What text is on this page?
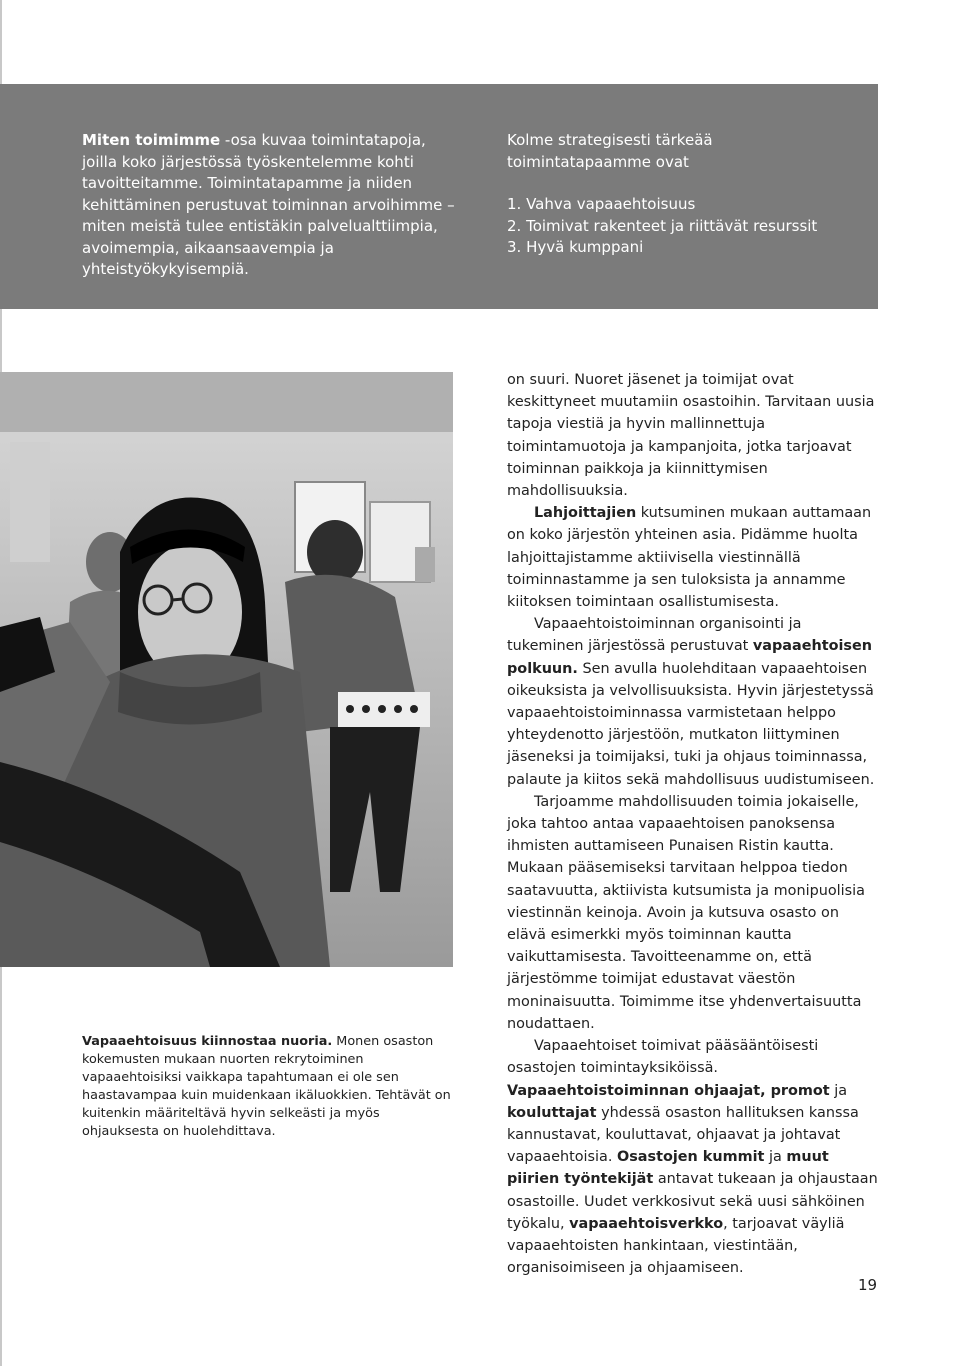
Miten toimimme -osa kuvaa toimintatapoja, joilla koko järjestössä työskentelemme kohti tavoitteitamme. Toimintatapamme ja niiden kehittäminen perustuvat toiminnan arvoihimme – miten meistä tulee entistäkin palvelualttiimpia, avoimempia, aikaansaavempia ja yhteistyökykyisempiä.
Kolme strategisesti tärkeää toimintatapaamme ovat
1. Vahva vapaaehtoisuus
2. Toimivat rakenteet ja riittävät resurssit
3. Hyvä kumppani
Vapaaehtoisuus kiinnostaa nuoria. Monen osaston kokemusten mukaan nuorten rekrytoiminen vapaaehtoisiksi vaikkapa tapahtumaan ei ole sen haastavampaa kuin muidenkaan ikäluokkien. Tehtävät on kuitenkin määriteltävä hyvin selkeästi ja myös ohjauksesta on huolehdittava.

on suuri. Nuoret jäsenet ja toimijat ovat keskittyneet muutamiin osastoihin. Tarvitaan uusia tapoja viestiä ja hyvin mallinnettuja toimintamuotoja ja kampanjoita, jotka tarjoavat toiminnan paikkoja ja kiinnittymisen mahdollisuuksia.

Lahjoittajien kutsuminen mukaan auttamaan on koko järjestön yhteinen asia. Pidämme huolta lahjoittajistamme aktiivisella viestinnällä toiminnastamme ja sen tuloksista ja annamme kiitoksen toimintaan osallistumisesta.

Vapaaehtoistoiminnan organisointi ja tukeminen järjestössä perustuvat vapaaehtoisen polkuun. Sen avulla huolehditaan vapaaehtoisen oikeuksista ja velvollisuuksista. Hyvin järjestetyssä vapaaehtoistoiminnassa varmistetaan helppo yhteydenotto järjestöön, mutkaton liittyminen jäseneksi ja toimijaksi, tuki ja ohjaus toiminnassa, palaute ja kiitos sekä mahdollisuus uudistumiseen.

Tarjoamme mahdollisuuden toimia jokaiselle, joka tahtoo antaa vapaaehtoisen panoksensa ihmisten auttamiseen Punaisen Ristin kautta. Mukaan pääsemiseksi tarvitaan helppoa tiedon saatavuutta, aktiivista kutsumista ja monipuolisia viestinnän keinoja. Avoin ja kutsuva osasto on elävä esimerkki myös toiminnan kautta vaikuttamisesta. Tavoitteenamme on, että järjestömme toimijat edustavat väestön moninaisuutta. Toimimme itse yhdenvertaisuutta noudattaen.

Vapaaehtoiset toimivat pääsääntöisesti osastojen toimintayksiköissä. Vapaaehtoistoiminnan ohjaajat, promot ja kouluttajat yhdessä osaston hallituksen kanssa kannustavat, kouluttavat, ohjaavat ja johtavat vapaaehtoisia. Osastojen kummit ja muut piirien työntekijät antavat tukeaan ja ohjaustaan osastoille. Uudet verkkosivut sekä uusi sähköinen työkalu, vapaaehtoisverkko, tarjoavat väyliä vapaaehtoisten hankintaan, viestintään, organisoimiseen ja ohjaamiseen.

19
